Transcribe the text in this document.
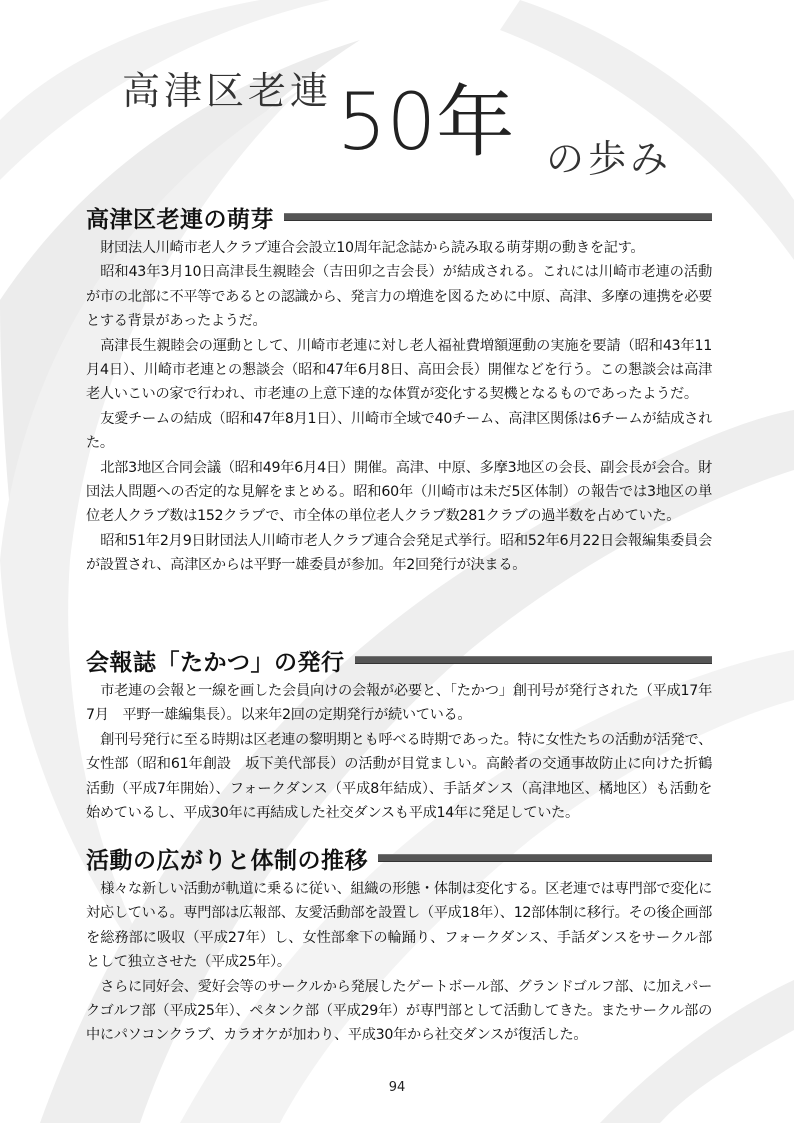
高津区老連 50年 の歩み
高津区老連の萌芽

財団法人川崎市老人クラブ連合会設立10周年記念誌から読み取る萌芽期の動きを記す。

昭和43年3月10日高津長生親睦会（吉田卯之吉会長）が結成される。これには川崎市老連の活動が市の北部に不平等であるとの認識から、発言力の増進を図るために中原、高津、多摩の連携を必要とする背景があったようだ。

高津長生親睦会の運動として、川崎市老連に対し老人福祉費増額運動の実施を要請（昭和43年11月4日）、川崎市老連との懇談会（昭和47年6月8日、高田会長）開催などを行う。この懇談会は高津老人いこいの家で行われ、市老連の上意下達的な体質が変化する契機となるものであったようだ。

友愛チームの結成（昭和47年8月1日）、川崎市全域で40チーム、高津区関係は6チームが結成された。

北部3地区合同会議（昭和49年6月4日）開催。高津、中原、多摩3地区の会長、副会長が会合。財団法人問題への否定的な見解をまとめる。昭和60年（川崎市は未だ5区体制）の報告では3地区の単位老人クラブ数は152クラブで、市全体の単位老人クラブ数281クラブの過半数を占めていた。

昭和51年2月9日財団法人川崎市老人クラブ連合会発足式挙行。昭和52年6月22日会報編集委員会が設置され、高津区からは平野一雄委員が参加。年2回発行が決まる。

会報誌「たかつ」の発行

市老連の会報と一線を画した会員向けの会報が必要と、「たかつ」創刊号が発行された（平成17年7月　平野一雄編集長）。以来年2回の定期発行が続いている。

創刊号発行に至る時期は区老連の黎明期とも呼べる時期であった。特に女性たちの活動が活発で、女性部（昭和61年創設　坂下美代部長）の活動が目覚ましい。高齢者の交通事故防止に向けた折鶴活動（平成7年開始）、フォークダンス（平成8年結成）、手話ダンス（高津地区、橘地区）も活動を始めているし、平成30年に再結成した社交ダンスも平成14年に発足していた。

活動の広がりと体制の推移

様々な新しい活動が軌道に乗るに従い、組織の形態・体制は変化する。区老連では専門部で変化に対応している。専門部は広報部、友愛活動部を設置し（平成18年）、12部体制に移行。その後企画部を総務部に吸収（平成27年）し、女性部傘下の輪踊り、フォークダンス、手話ダンスをサークル部として独立させた（平成25年）。

さらに同好会、愛好会等のサークルから発展したゲートボール部、グランドゴルフ部、に加えパークゴルフ部（平成25年）、ペタンク部（平成29年）が専門部として活動してきた。またサークル部の中にパソコンクラブ、カラオケが加わり、平成30年から社交ダンスが復活した。

94
